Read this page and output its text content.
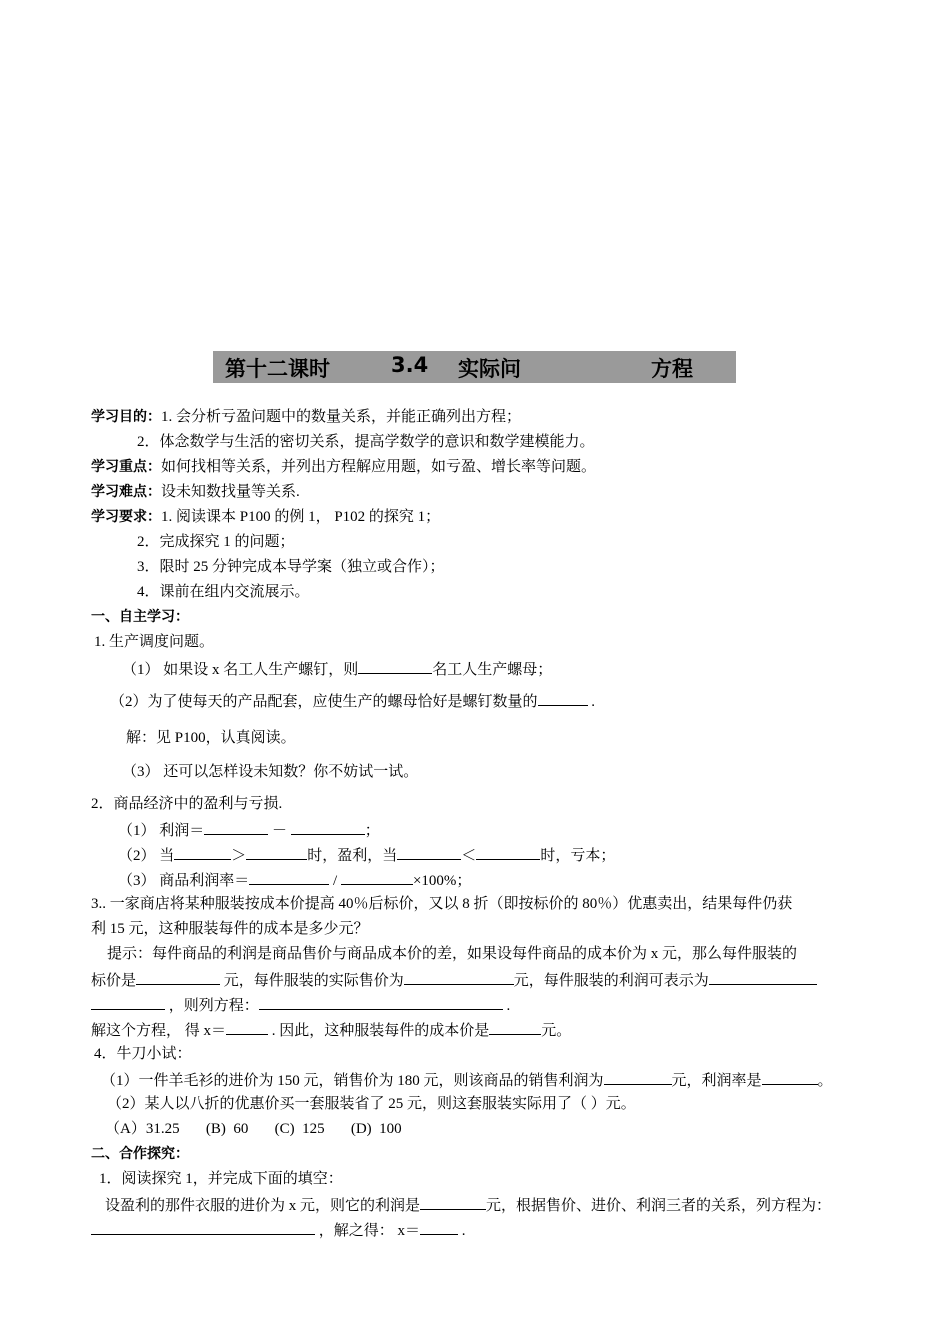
第十二课时	3.4 实际问	方程
学习目的：1. 会分析亏盈问题中的数量关系，并能正确列出方程；
2．体念数学与生活的密切关系，提高学数学的意识和数学建模能力。
学习重点：如何找相等关系，并列出方程解应用题，如亏盈、增长率等问题。
学习难点：设未知数找量等关系.
学习要求：1. 阅读课本 P100 的例 1， P102 的探究 1；
2．完成探究 1 的问题；
3．限时 25 分钟完成本导学案（独立或合作）；
4．课前在组内交流展示。
一、自主学习：
1. 生产调度问题。
（1） 如果设 x 名工人生产螺钉，则	名工人生产螺母；
（2）为了使每天的产品配套，应使生产的螺母恰好是螺钉数量的	.
解：见 P100，认真阅读。
（3） 还可以怎样设未知数？你不妨试一试。
2．商品经济中的盈利与亏损.
（1） 利润＝	－	；
（2） 当	＞	时，盈利，当	＜	时，亏本；
（3） 商品利润率＝	/	×100%；
3.. 一家商店将某种服装按成本价提高 40％后标价，又以 8 折（即按标价的 80％）优惠卖出，结果每件仍获
利 15 元，这种服装每件的成本是多少元？
提示：每件商品的利润是商品售价与商品成本价的差，如果设每件商品的成本价为 x 元，那么每件服装的
标价是	元，每件服装的实际售价为	元，每件服装的利润可表示为
，则列方程：	.
解这个方程， 得 x＝	. 因此，这种服装每件的成本价是	元。
4．牛刀小试：
（1）一件羊毛衫的进价为 150 元，销售价为 180 元，则该商品的销售利润为	元，利润率是	。
（2）某人以八折的优惠价买一套服装省了 25 元，则这套服装实际用了（ ）元。
（A）31.25       (B)  60       (C)  125       (D)  100
二、合作探究：
1．阅读探究 1，并完成下面的填空：
设盈利的那件衣服的进价为 x 元，则它的利润是	元，根据售价、进价、利润三者的关系，列方程为：
，解之得： x＝	.
